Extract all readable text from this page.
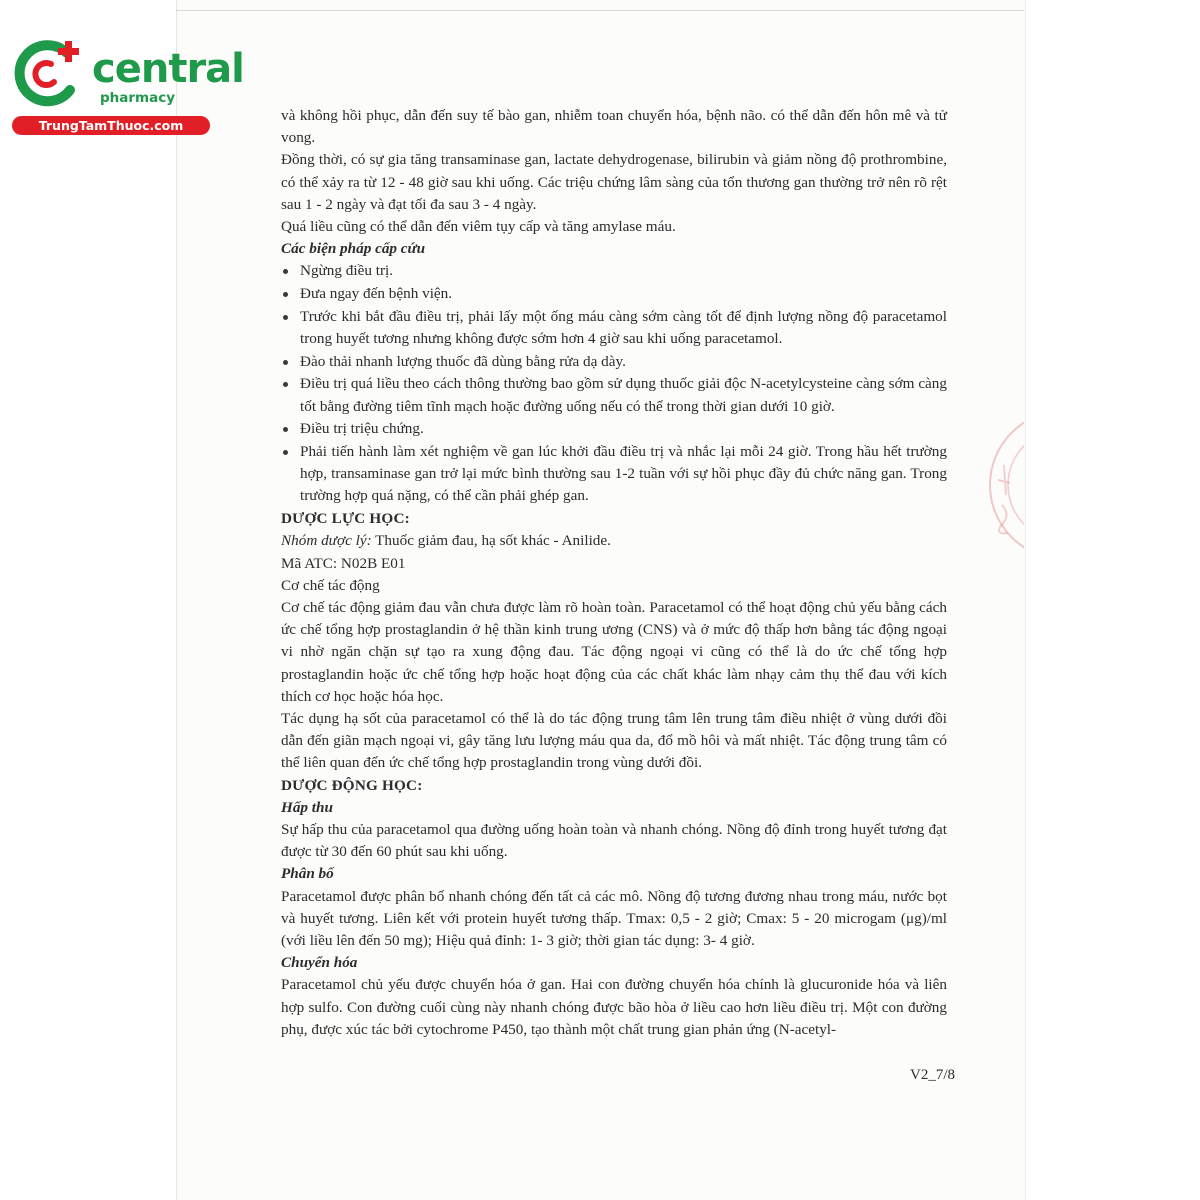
central
pharmacy
TrungTamThuoc.com

và không hồi phục, dẫn đến suy tế bào gan, nhiễm toan chuyển hóa, bệnh não. có thể dẫn đến hôn mê và tử vong.

Đồng thời, có sự gia tăng transaminase gan, lactate dehydrogenase, bilirubin và giảm nồng độ prothrombine, có thể xảy ra từ 12 - 48 giờ sau khi uống. Các triệu chứng lâm sàng của tổn thương gan thường trở nên rõ rệt sau 1 - 2 ngày và đạt tối đa sau 3 - 4 ngày.

Quá liều cũng có thể dẫn đến viêm tụy cấp và tăng amylase máu.

Các biện pháp cấp cứu

Ngừng điều trị.
Đưa ngay đến bệnh viện.
Trước khi bắt đầu điều trị, phải lấy một ống máu càng sớm càng tốt để định lượng nồng độ paracetamol trong huyết tương nhưng không được sớm hơn 4 giờ sau khi uống paracetamol.
Đào thải nhanh lượng thuốc đã dùng bằng rửa dạ dày.
Điều trị quá liều theo cách thông thường bao gồm sử dụng thuốc giải độc N-acetylcysteine càng sớm càng tốt bằng đường tiêm tĩnh mạch hoặc đường uống nếu có thể trong thời gian dưới 10 giờ.
Điều trị triệu chứng.
Phải tiến hành làm xét nghiệm về gan lúc khởi đầu điều trị và nhắc lại mỗi 24 giờ. Trong hầu hết trường hợp, transaminase gan trở lại mức bình thường sau 1-2 tuần với sự hồi phục đầy đủ chức năng gan. Trong trường hợp quá nặng, có thể cần phải ghép gan.

DƯỢC LỰC HỌC:

Nhóm dược lý: Thuốc giảm đau, hạ sốt khác - Anilide.

Mã ATC: N02B E01

Cơ chế tác động

Cơ chế tác động giảm đau vẫn chưa được làm rõ hoàn toàn. Paracetamol có thể hoạt động chủ yếu bằng cách ức chế tổng hợp prostaglandin ở hệ thần kinh trung ương (CNS) và ở mức độ thấp hơn bằng tác động ngoại vi nhờ ngăn chặn sự tạo ra xung động đau. Tác động ngoại vi cũng có thể là do ức chế tổng hợp prostaglandin hoặc ức chế tổng hợp hoặc hoạt động của các chất khác làm nhạy cảm thụ thể đau với kích thích cơ học hoặc hóa học.

Tác dụng hạ sốt của paracetamol có thể là do tác động trung tâm lên trung tâm điều nhiệt ở vùng dưới đồi dẫn đến giãn mạch ngoại vi, gây tăng lưu lượng máu qua da, đổ mồ hôi và mất nhiệt. Tác động trung tâm có thể liên quan đến ức chế tổng hợp prostaglandin trong vùng dưới đồi.

DƯỢC ĐỘNG HỌC:

Hấp thu

Sự hấp thu của paracetamol qua đường uống hoàn toàn và nhanh chóng. Nồng độ đỉnh trong huyết tương đạt được từ 30 đến 60 phút sau khi uống.

Phân bố

Paracetamol được phân bố nhanh chóng đến tất cả các mô. Nồng độ tương đương nhau trong máu, nước bọt và huyết tương. Liên kết với protein huyết tương thấp. Tmax: 0,5 - 2 giờ; Cmax: 5 - 20 microgam (μg)/ml (với liều lên đến 50 mg); Hiệu quả đỉnh: 1- 3 giờ; thời gian tác dụng: 3- 4 giờ.

Chuyển hóa

Paracetamol chủ yếu được chuyển hóa ở gan. Hai con đường chuyển hóa chính là glucuronide hóa và liên hợp sulfo. Con đường cuối cùng này nhanh chóng được bão hòa ở liều cao hơn liều điều trị. Một con đường phụ, được xúc tác bởi cytochrome P450, tạo thành một chất trung gian phản ứng (N-acetyl-

V2_7/8
